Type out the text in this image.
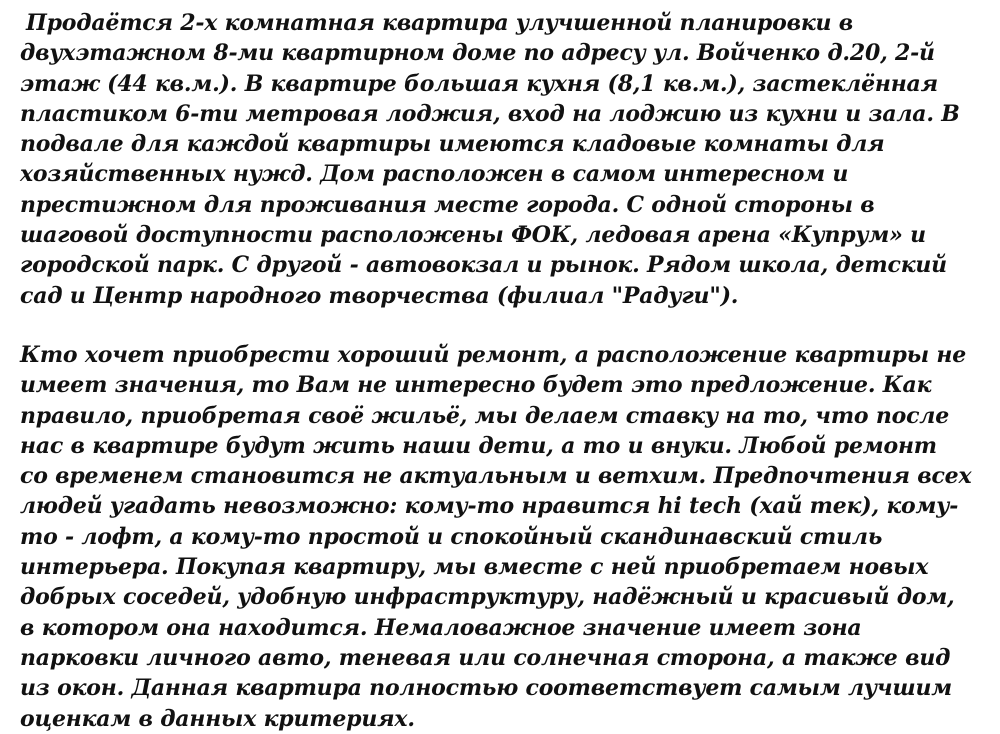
Продаётся 2-х комнатная квартира улучшенной планировки в
двухэтажном 8-ми квартирном доме по адресу ул. Войченко д.20, 2-й
этаж (44 кв.м.). В квартире большая кухня (8,1 кв.м.), застеклённая
пластиком 6-ти метровая лоджия, вход на лоджию из кухни и зала. В
подвале для каждой квартиры имеются кладовые комнаты для
хозяйственных нужд. Дом расположен в самом интересном и
престижном для проживания месте города. С одной стороны в
шаговой доступности расположены ФОК, ледовая арена «Купрум» и
городской парк. С другой - автовокзал и рынок. Рядом школа, детский
сад и Центр народного творчества (филиал "Радуги").

Кто хочет приобрести хороший ремонт, а расположение квартиры не
имеет значения, то Вам не интересно будет это предложение. Как
правило, приобретая своё жильё, мы делаем ставку на то, что после
нас в квартире будут жить наши дети, а то и внуки. Любой ремонт
со временем становится не актуальным и ветхим. Предпочтения всех
людей угадать невозможно: кому-то нравится hi tech (хай тек), кому-
то - лофт, а кому-то простой и спокойный скандинавский стиль
интерьера. Покупая квартиру, мы вместе с ней приобретаем новых
добрых соседей, удобную инфраструктуру, надёжный и красивый дом,
в котором она находится. Немаловажное значение имеет зона
парковки личного авто, теневая или солнечная сторона, а также вид
из окон. Данная квартира полностью соответствует самым лучшим
оценкам в данных критериях.
